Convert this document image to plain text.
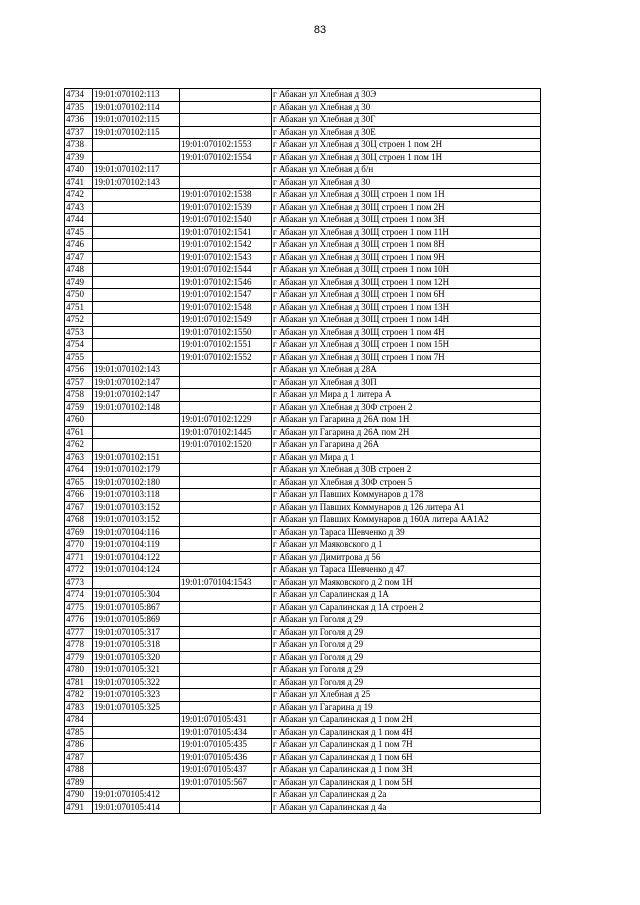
83
4734	19:01:070102:113		г Абакан ул Хлебная д 30Э
4735	19:01:070102:114		г Абакан ул Хлебная д 30
4736	19:01:070102:115		г Абакан ул Хлебная д 30Г
4737	19:01:070102:115		г Абакан ул Хлебная д 30Е
4738		19:01:070102:1553	г Абакан ул Хлебная д 30Ц строен 1 пом 2Н
4739		19:01:070102:1554	г Абакан ул Хлебная д 30Ц строен 1 пом 1Н
4740	19:01:070102:117		г Абакан ул Хлебная д б/н
4741	19:01:070102:143		г Абакан ул Хлебная д 30
4742		19:01:070102:1538	г Абакан ул Хлебная д 30Щ строен 1 пом 1Н
4743		19:01:070102:1539	г Абакан ул Хлебная д 30Щ строен 1 пом 2Н
4744		19:01:070102:1540	г Абакан ул Хлебная д 30Щ строен 1 пом 3Н
4745		19:01:070102:1541	г Абакан ул Хлебная д 30Щ строен 1 пом 11Н
4746		19:01:070102:1542	г Абакан ул Хлебная д 30Щ строен 1 пом 8Н
4747		19:01:070102:1543	г Абакан ул Хлебная д 30Щ строен 1 пом 9Н
4748		19:01:070102:1544	г Абакан ул Хлебная д 30Щ строен 1 пом 10Н
4749		19:01:070102:1546	г Абакан ул Хлебная д 30Щ строен 1 пом 12Н
4750		19:01:070102:1547	г Абакан ул Хлебная д 30Щ строен 1 пом 6Н
4751		19:01:070102:1548	г Абакан ул Хлебная д 30Щ строен 1 пом 13Н
4752		19:01:070102:1549	г Абакан ул Хлебная д 30Щ строен 1 пом 14Н
4753		19:01:070102:1550	г Абакан ул Хлебная д 30Щ строен 1 пом 4Н
4754		19:01:070102:1551	г Абакан ул Хлебная д 30Щ строен 1 пом 15Н
4755		19:01:070102:1552	г Абакан ул Хлебная д 30Щ строен 1 пом 7Н
4756	19:01:070102:143		г Абакан ул Хлебная д 28А
4757	19:01:070102:147		г Абакан ул Хлебная д 30П
4758	19:01:070102:147		г Абакан ул Мира д 1 литера А
4759	19:01:070102:148		г Абакан ул Хлебная д 30Ф строен 2
4760		19:01:070102:1229	г Абакан ул Гагарина д 26А пом 1Н
4761		19:01:070102:1445	г Абакан ул Гагарина д 26А пом 2Н
4762		19:01:070102:1520	г Абакан ул Гагарина д 26А
4763	19:01:070102:151		г Абакан ул Мира д 1
4764	19:01:070102:179		г Абакан ул Хлебная д 30В строен 2
4765	19:01:070102:180		г Абакан ул Хлебная д 30Ф строен 5
4766	19:01:070103:118		г Абакан ул Павших Коммунаров д 178
4767	19:01:070103:152		г Абакан ул Павших Коммунаров д 126 литера А1
4768	19:01:070103:152		г Абакан ул Павших Коммунаров д 160А литера АА1А2
4769	19:01:070104:116		г Абакан ул Тараса Шевченко д 39
4770	19:01:070104:119		г Абакан ул Маяковского д 1
4771	19:01:070104:122		г Абакан ул Димитрова д 56
4772	19:01:070104:124		г Абакан ул Тараса Шевченко д 47
4773		19:01:070104:1543	г Абакан ул Маяковского д 2 пом 1Н
4774	19:01:070105:304		г Абакан ул Саралинская д 1А
4775	19:01:070105:867		г Абакан ул Саралинская д 1А строен 2
4776	19:01:070105:869		г Абакан ул Гоголя д 29
4777	19:01:070105:317		г Абакан ул Гоголя д 29
4778	19:01:070105:318		г Абакан ул Гоголя д 29
4779	19:01:070105:320		г Абакан ул Гоголя д 29
4780	19:01:070105:321		г Абакан ул Гоголя д 29
4781	19:01:070105:322		г Абакан ул Гоголя д 29
4782	19:01:070105:323		г Абакан ул Хлебная д 25
4783	19:01:070105:325		г Абакан ул Гагарина д 19
4784		19:01:070105:431	г Абакан ул Саралинская д 1 пом 2Н
4785		19:01:070105:434	г Абакан ул Саралинская д 1 пом 4Н
4786		19:01:070105:435	г Абакан ул Саралинская д 1 пом 7Н
4787		19:01:070105:436	г Абакан ул Саралинская д 1 пом 6Н
4788		19:01:070105:437	г Абакан ул Саралинская д 1 пом 3Н
4789		19:01:070105:567	г Абакан ул Саралинская д 1 пом 5Н
4790	19:01:070105:412		г Абакан ул Саралинская д 2а
4791	19:01:070105:414		г Абакан ул Саралинская д 4а
